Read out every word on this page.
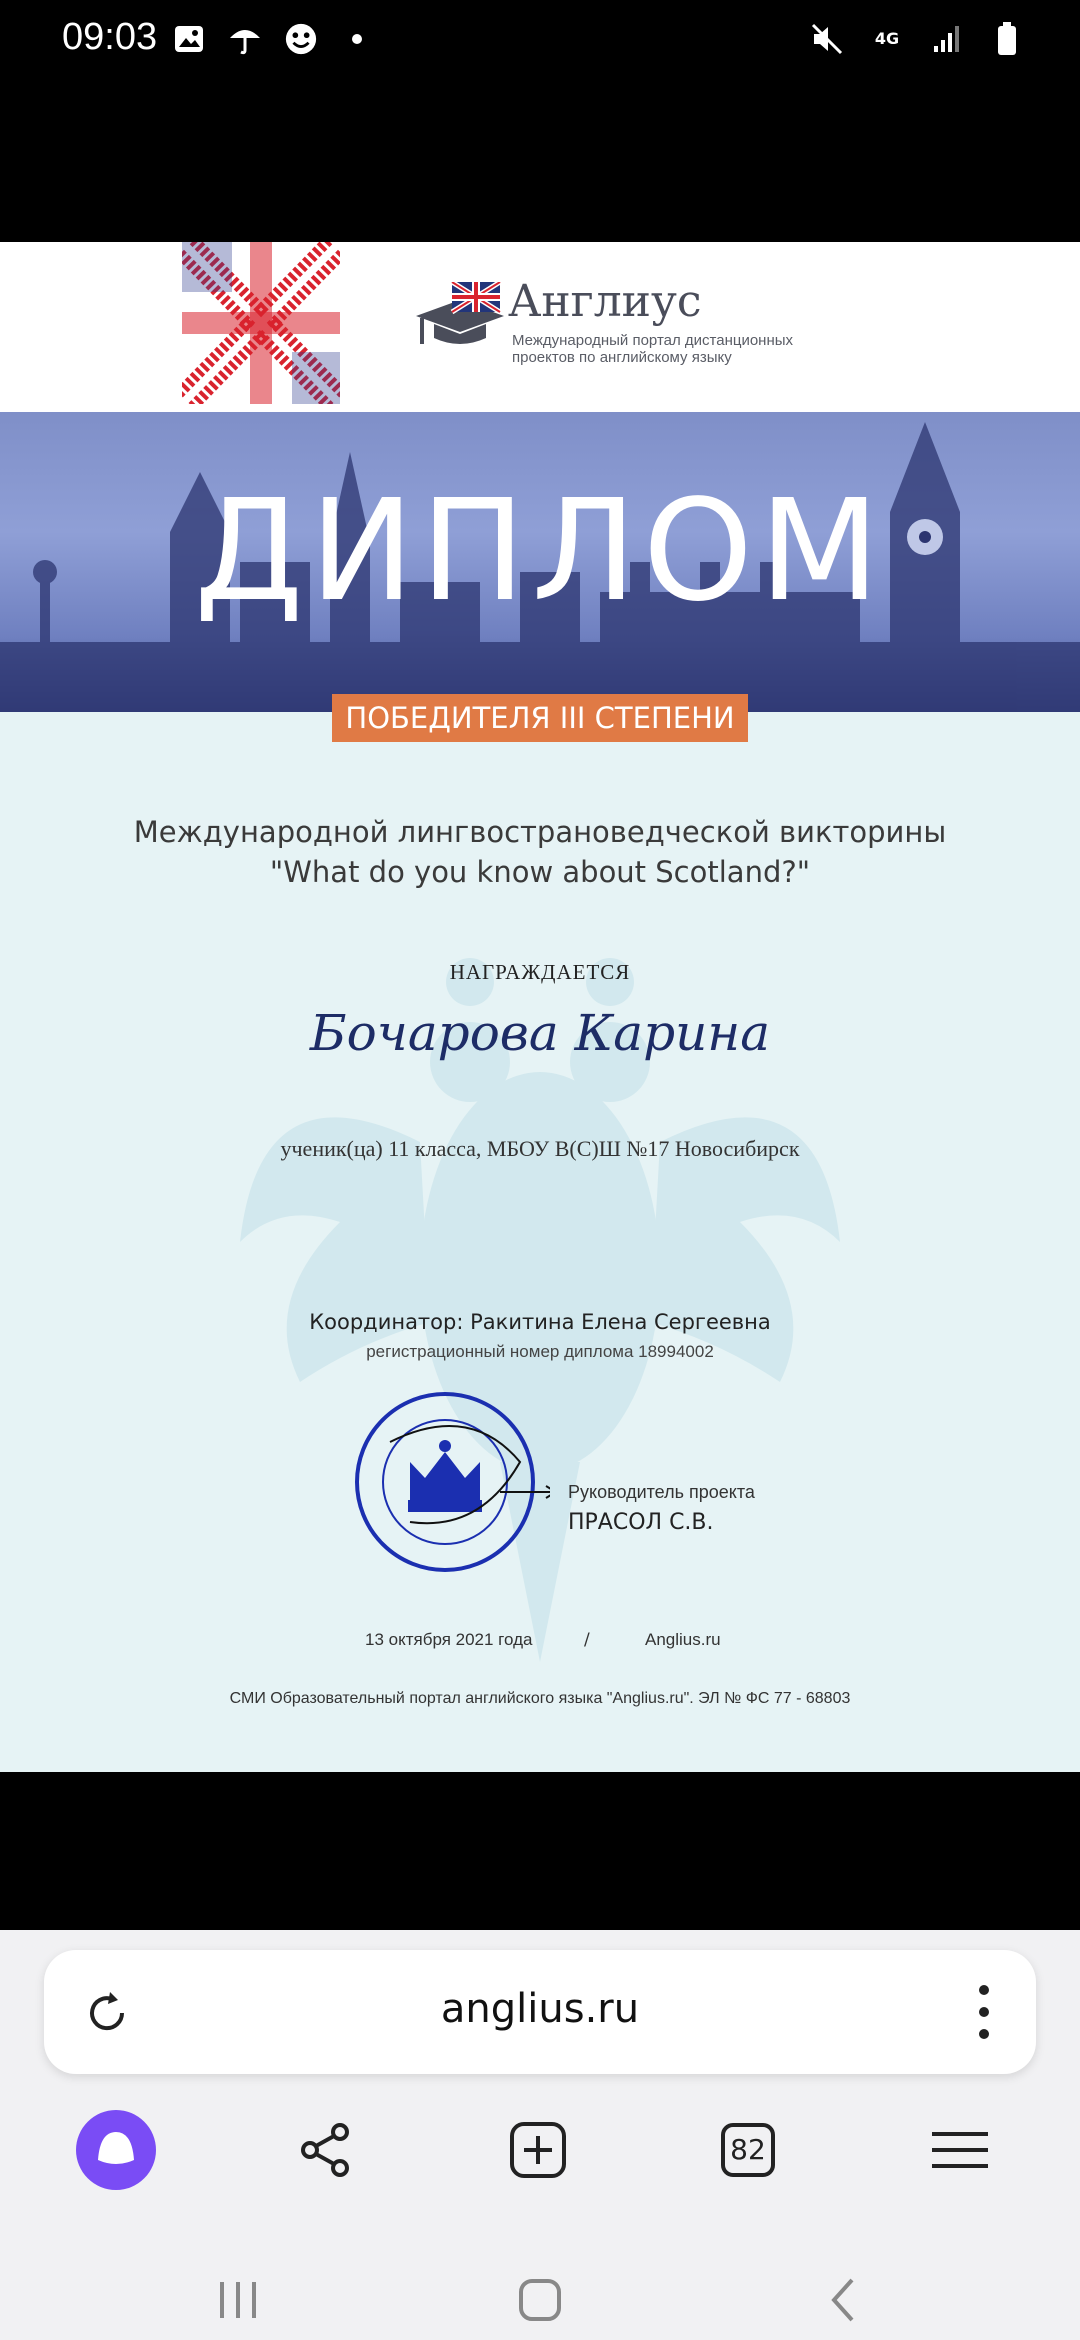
09:03	4G
Англиус
Международный портал дистанционных проектов по английскому языку
ДИПЛОМ
ПОБЕДИТЕЛЯ III СТЕПЕНИ
Международной лингвострановедческой викторины
"What do you know about Scotland?"
НАГРАЖДАЕТСЯ
Бочарова Карина
ученик(ца) 11 класса, МБОУ В(С)Ш №17 Новосибирск
Координатор: Ракитина Елена Сергеевна
регистрационный номер диплома 18994002
Руководитель проекта
ПРАСОЛ С.В.
13 октября 2021 года	/	Anglius.ru
СМИ Образовательный портал английского языка "Anglius.ru". ЭЛ № ФС 77 - 68803
anglius.ru
82
